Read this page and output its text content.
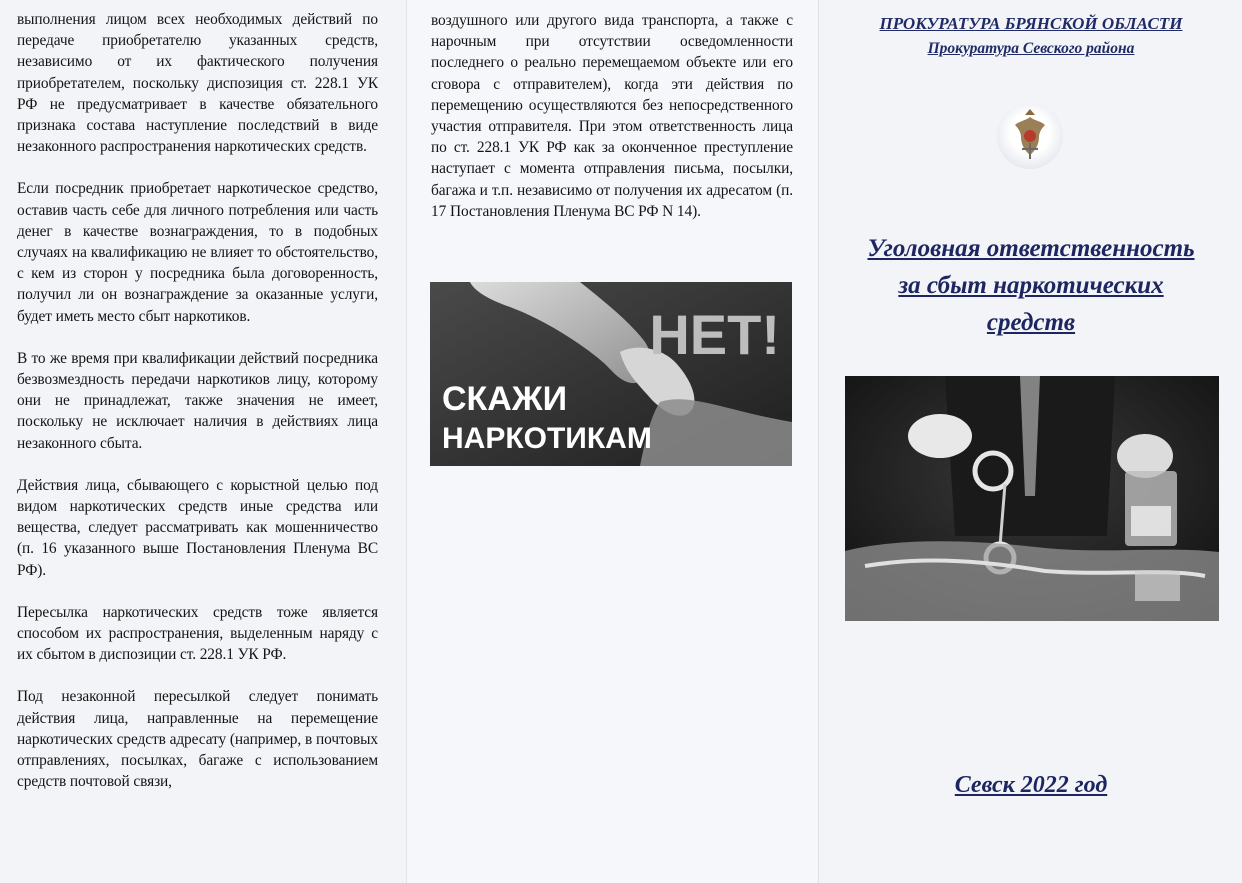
выполнения лицом всех необходимых действий по передаче приобретателю указанных средств, независимо от их фактического получения приобретателем, поскольку диспозиция ст. 228.1 УК РФ не предусматривает в качестве обязательного признака состава наступление последствий в виде незаконного распространения наркотических средств.

Если посредник приобретает наркотическое средство, оставив часть себе для личного потребления или часть денег в качестве вознаграждения, то в подобных случаях на квалификацию не влияет то обстоятельство, с кем из сторон у посредника была договоренность, получил ли он вознаграждение за оказанные услуги, будет иметь место сбыт наркотиков.

В то же время при квалификации действий посредника безвозмездность передачи наркотиков лицу, которому они не принадлежат, также значения не имеет, поскольку не исключает наличия в действиях лица незаконного сбыта.

Действия лица, сбывающего с корыстной целью под видом наркотических средств иные средства или вещества, следует рассматривать как мошенничество (п. 16 указанного выше Постановления Пленума ВС РФ).

Пересылка наркотических средств тоже является способом их распространения, выделенным наряду с их сбытом в диспозиции ст. 228.1 УК РФ.

Под незаконной пересылкой следует понимать действия лица, направленные на перемещение наркотических средств адресату (например, в почтовых отправлениях, посылках, багаже с использованием средств почтовой связи,

воздушного или другого вида транспорта, а также с нарочным при отсутствии осведомленности последнего о реально перемещаемом объекте или его сговора с отправителем), когда эти действия по перемещению осуществляются без непосредственного участия отправителя. При этом ответственность лица по ст. 228.1 УК РФ как за оконченное преступление наступает с момента отправления письма, посылки, багажа и т.п. независимо от получения их адресатом (п. 17 Постановления Пленума ВС РФ N 14).

НЕТ!
СКАЖИ
НАРКОТИКАМ
ПРОКУРАТУРА БРЯНСКОЙ ОБЛАСТИ
Прокуратура Севского района
Уголовная ответственность
за сбыт наркотических
средств
Севск 2022 год
